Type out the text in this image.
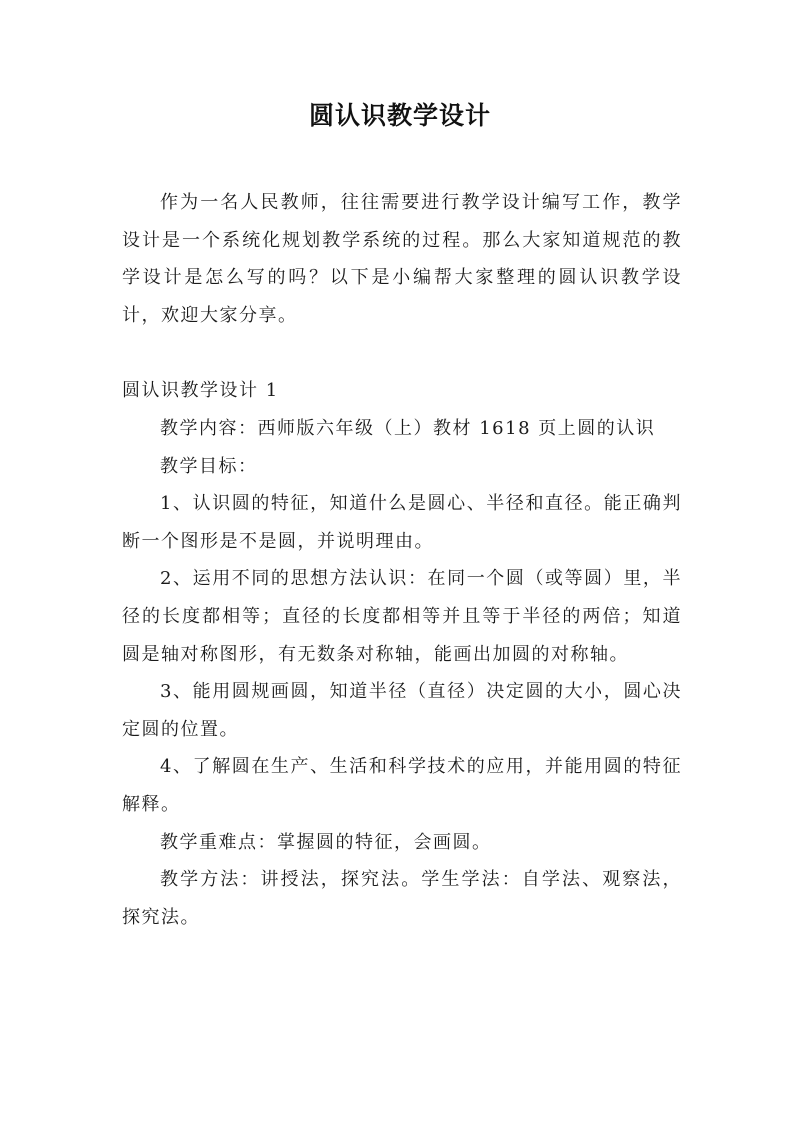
圆认识教学设计

作为一名人民教师，往往需要进行教学设计编写工作，教学设计是一个系统化规划教学系统的过程。那么大家知道规范的教学设计是怎么写的吗？以下是小编帮大家整理的圆认识教学设计，欢迎大家分享。

圆认识教学设计 1

教学内容：西师版六年级（上）教材 1618 页上圆的认识

教学目标：

1、认识圆的特征，知道什么是圆心、半径和直径。能正确判断一个图形是不是圆，并说明理由。

2、运用不同的思想方法认识：在同一个圆（或等圆）里，半径的长度都相等；直径的长度都相等并且等于半径的两倍；知道圆是轴对称图形，有无数条对称轴，能画出加圆的对称轴。

3、能用圆规画圆，知道半径（直径）决定圆的大小，圆心决定圆的位置。

4、了解圆在生产、生活和科学技术的应用，并能用圆的特征解释。

教学重难点：掌握圆的特征，会画圆。

教学方法：讲授法，探究法。学生学法：自学法、观察法，探究法。
